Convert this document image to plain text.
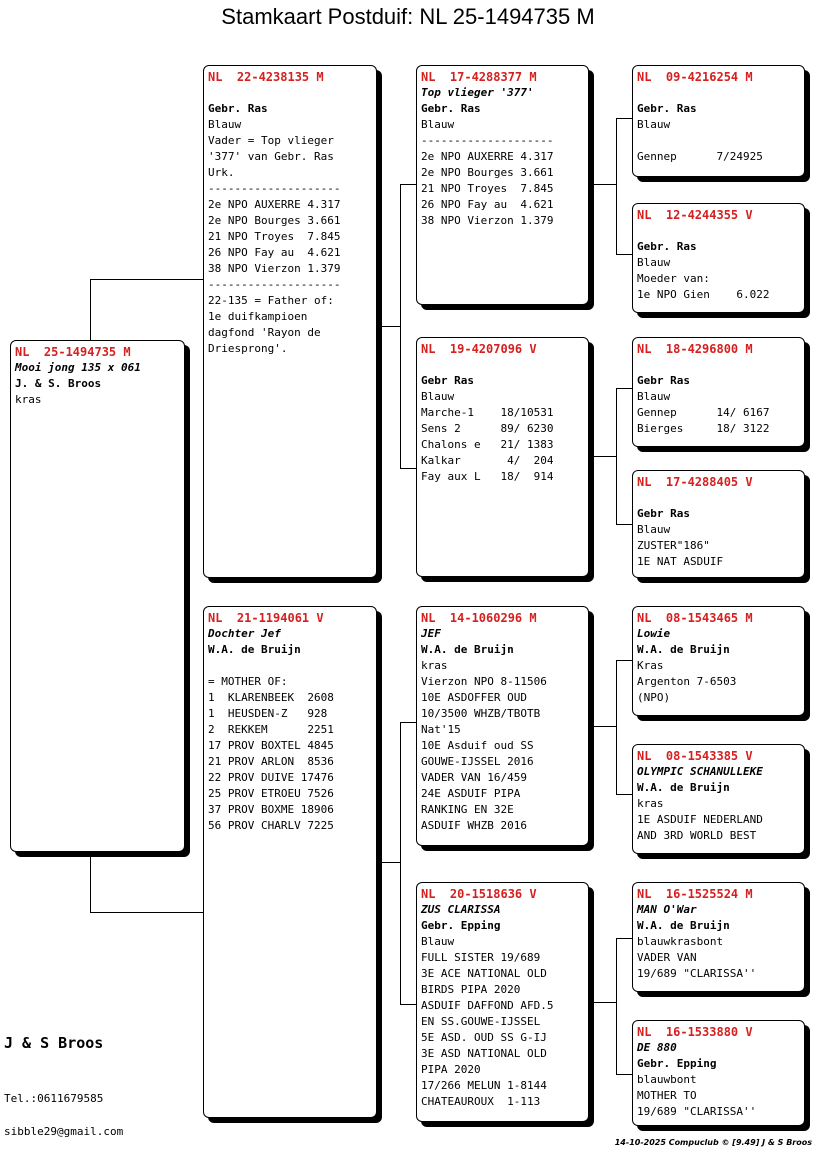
Stamkaart Postduif: NL 25-1494735 M
NL  25-1494735 M
Mooi jong 135 x 061
J. & S. Broos
kras
NL  22-4238135 M
Gebr. Ras
Blauw
Vader = Top vlieger
'377' van Gebr. Ras
Urk.
--------------------
2e NPO AUXERRE 4.317
2e NPO Bourges 3.661
21 NPO Troyes  7.845
26 NPO Fay au  4.621
38 NPO Vierzon 1.379
--------------------
22-135 = Father of:
1e duifkampioen
dagfond 'Rayon de
Driesprong'.
NL  21-1194061 V
Dochter Jef
W.A. de Bruijn
= MOTHER OF:
1  KLARENBEEK  2608
1  HEUSDEN-Z   928
2  REKKEM      2251
17 PROV BOXTEL 4845
21 PROV ARLON  8536
22 PROV DUIVE 17476
25 PROV ETROEU 7526
37 PROV BOXME 18906
56 PROV CHARLV 7225
NL  17-4288377 M
Top vlieger '377'
Gebr. Ras
Blauw
--------------------
2e NPO AUXERRE 4.317
2e NPO Bourges 3.661
21 NPO Troyes  7.845
26 NPO Fay au  4.621
38 NPO Vierzon 1.379
NL  19-4207096 V
Gebr Ras
Blauw
Marche-1    18/10531
Sens 2      89/ 6230
Chalons e   21/ 1383
Kalkar       4/  204
Fay aux L   18/  914
NL  14-1060296 M
JEF
W.A. de Bruijn
kras
Vierzon NPO 8-11506
10E ASDOFFER OUD
10/3500 WHZB/TBOTB
Nat'15
10E Asduif oud SS
GOUWE-IJSSEL 2016
VADER VAN 16/459
24E ASDUIF PIPA
RANKING EN 32E
ASDUIF WHZB 2016
NL  20-1518636 V
ZUS CLARISSA
Gebr. Epping
Blauw
FULL SISTER 19/689
3E ACE NATIONAL OLD
BIRDS PIPA 2020
ASDUIF DAFFOND AFD.5
EN SS.GOUWE-IJSSEL
5E ASD. OUD SS G-IJ
3E ASD NATIONAL OLD
PIPA 2020
17/266 MELUN 1-8144
CHATEAUROUX  1-113
NL  09-4216254 M
Gebr. Ras
Blauw
Gennep      7/24925
NL  12-4244355 V
Gebr. Ras
Blauw
Moeder van:
1e NPO Gien    6.022
NL  18-4296800 M
Gebr Ras
Blauw
Gennep      14/ 6167
Bierges     18/ 3122
NL  17-4288405 V
Gebr Ras
Blauw
ZUSTER"186"
1E NAT ASDUIF
NL  08-1543465 M
Lowie
W.A. de Bruijn
Kras
Argenton 7-6503
(NPO)
NL  08-1543385 V
OLYMPIC SCHANULLEKE
W.A. de Bruijn
kras
1E ASDUIF NEDERLAND
AND 3RD WORLD BEST
NL  16-1525524 M
MAN O'War
W.A. de Bruijn
blauwkrasbont
VADER VAN
19/689 "CLARISSA''
NL  16-1533880 V
DE 880
Gebr. Epping
blauwbont
MOTHER TO
19/689 "CLARISSA''
J & S Broos
Tel.:0611679585
sibble29@gmail.com
14-10-2025 Compuclub © [9.49] J & S Broos
